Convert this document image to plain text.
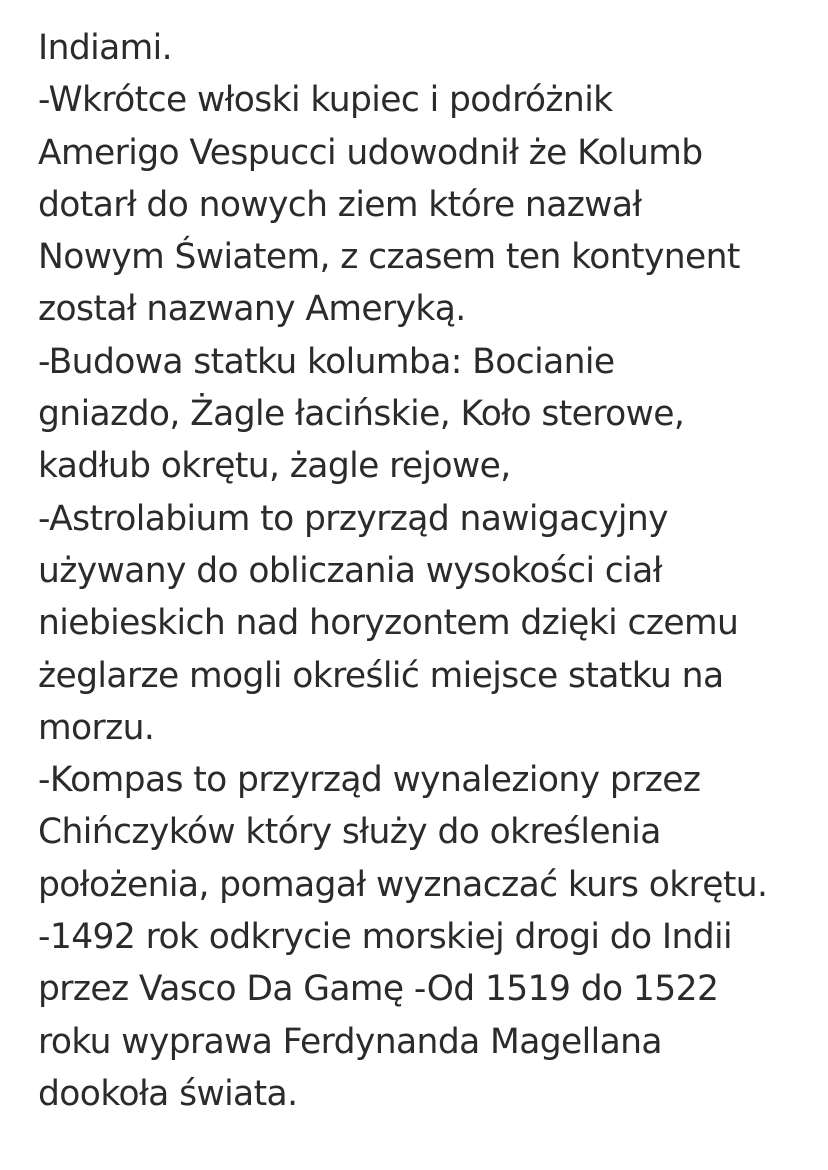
Indiami.
-Wkrótce włoski kupiec i podróżnik
Amerigo Vespucci udowodnił że Kolumb
dotarł do nowych ziem które nazwał
Nowym Światem, z czasem ten kontynent
został nazwany Ameryką.
-Budowa statku kolumba: Bocianie
gniazdo, Żagle łacińskie, Koło sterowe,
kadłub okrętu, żagle rejowe,
-Astrolabium to przyrząd nawigacyjny
używany do obliczania wysokości ciał
niebieskich nad horyzontem dzięki czemu
żeglarze mogli określić miejsce statku na
morzu.
-Kompas to przyrząd wynaleziony przez
Chińczyków który służy do określenia
położenia, pomagał wyznaczać kurs okrętu.
-1492 rok odkrycie morskiej drogi do Indii
przez Vasco Da Gamę -Od 1519 do 1522
roku wyprawa Ferdynanda Magellana
dookoła świata.
